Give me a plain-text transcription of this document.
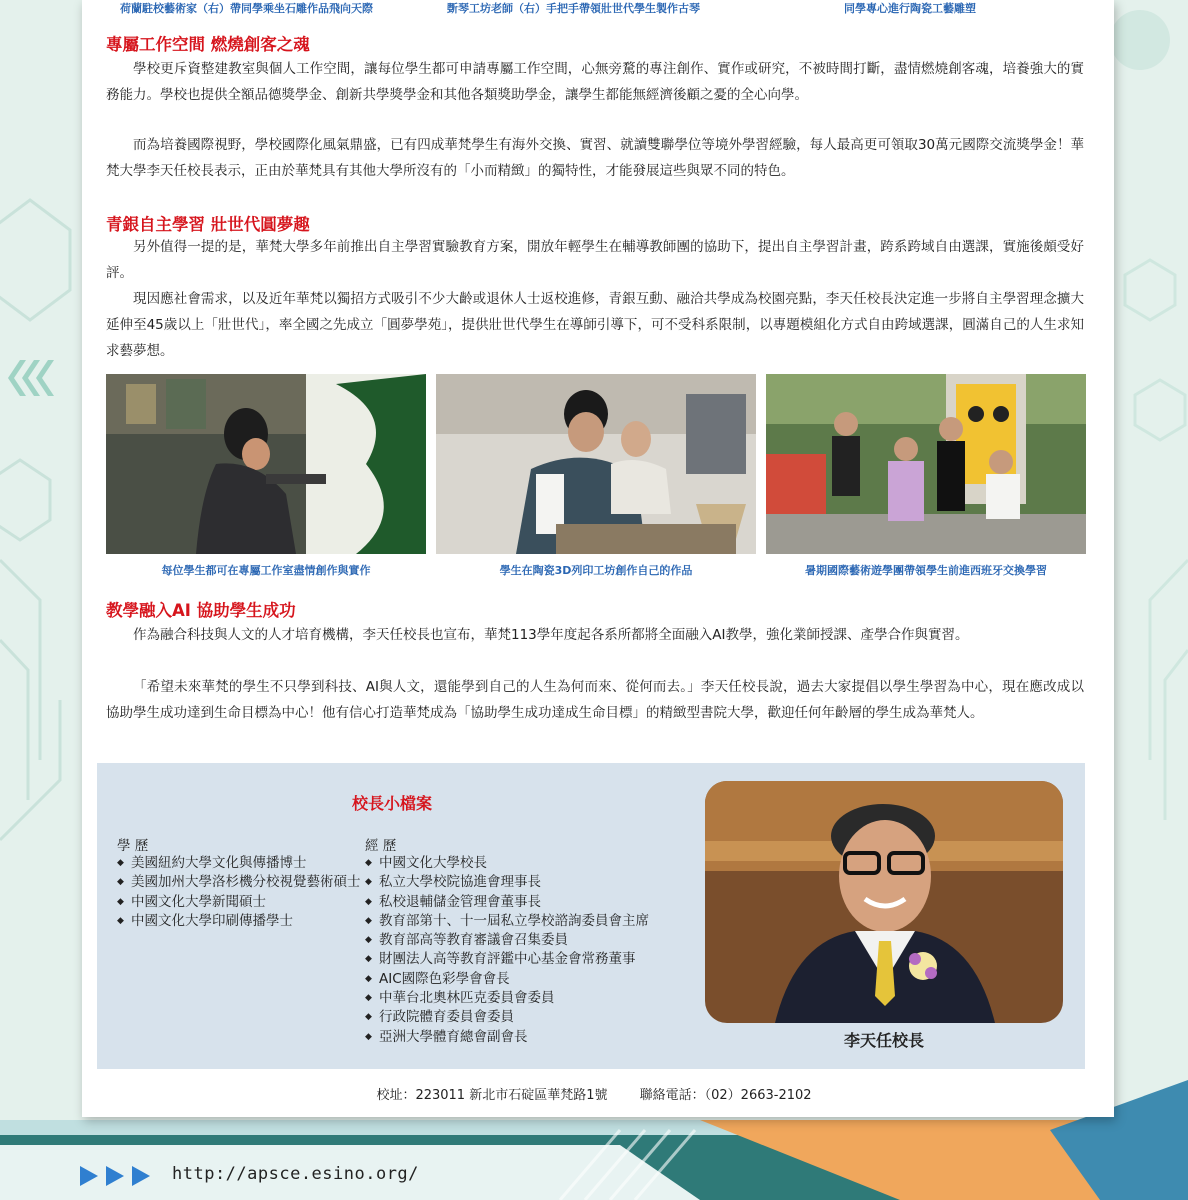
荷蘭駐校藝術家（右）帶同學乘坐石雕作品飛向天際	斲琴工坊老師（右）手把手帶領壯世代學生製作古琴	同學專心進行陶瓷工藝雕塑
專屬工作空間 燃燒創客之魂

學校更斥資整建教室與個人工作空間，讓每位學生都可申請專屬工作空間，心無旁騖的專注創作、實作或研究，不被時間打斷，盡情燃燒創客魂，培養強大的實務能力。學校也提供全額品德獎學金、創新共學獎學金和其他各類獎助學金，讓學生都能無經濟後顧之憂的全心向學。

而為培養國際視野，學校國際化風氣鼎盛，已有四成華梵學生有海外交換、實習、就讀雙聯學位等境外學習經驗，每人最高更可領取30萬元國際交流獎學金！華梵大學李天任校長表示，正由於華梵具有其他大學所沒有的「小而精緻」的獨特性，才能發展這些與眾不同的特色。

青銀自主學習 壯世代圓夢趣

另外值得一提的是，華梵大學多年前推出自主學習實驗教育方案，開放年輕學生在輔導教師團的協助下，提出自主學習計畫，跨系跨域自由選課，實施後頗受好評。

現因應社會需求，以及近年華梵以獨招方式吸引不少大齡或退休人士返校進修，青銀互動、融洽共學成為校園亮點，李天任校長決定進一步將自主學習理念擴大延伸至45歲以上「壯世代」，率全國之先成立「圓夢學苑」，提供壯世代學生在導師引導下，可不受科系限制，以專題模組化方式自由跨域選課，圓滿自己的人生求知求藝夢想。

每位學生都可在專屬工作室盡情創作與實作	學生在陶瓷3D列印工坊創作自己的作品	暑期國際藝術遊學團帶領學生前進西班牙交換學習
教學融入AI 協助學生成功

作為融合科技與人文的人才培育機構，李天任校長也宣布，華梵113學年度起各系所都將全面融入AI教學，強化業師授課、產學合作與實習。

「希望未來華梵的學生不只學到科技、AI與人文，還能學到自己的人生為何而來、從何而去。」李天任校長說，過去大家提倡以學生學習為中心，現在應改成以協助學生成功達到生命目標為中心！他有信心打造華梵成為「協助學生成功達成生命目標」的精緻型書院大學，歡迎任何年齡層的學生成為華梵人。

校長小檔案
學 歷
◆ 美國紐約大學文化與傳播博士
◆ 美國加州大學洛杉機分校視覺藝術碩士
◆ 中國文化大學新聞碩士
◆ 中國文化大學印刷傳播學士
經 歷
◆ 中國文化大學校長
◆ 私立大學校院協進會理事長
◆ 私校退輔儲金管理會董事長
◆ 教育部第十、十一屆私立學校諮詢委員會主席
◆ 教育部高等教育審議會召集委員
◆ 財團法人高等教育評鑑中心基金會常務董事
◆ AIC國際色彩學會會長
◆ 中華台北奧林匹克委員會委員
◆ 行政院體育委員會委員
◆ 亞洲大學體育總會副會長	李天任校長
校址：223011 新北市石碇區華梵路1號 聯絡電話：（02）2663-2102
http://apsce.esino.org/
